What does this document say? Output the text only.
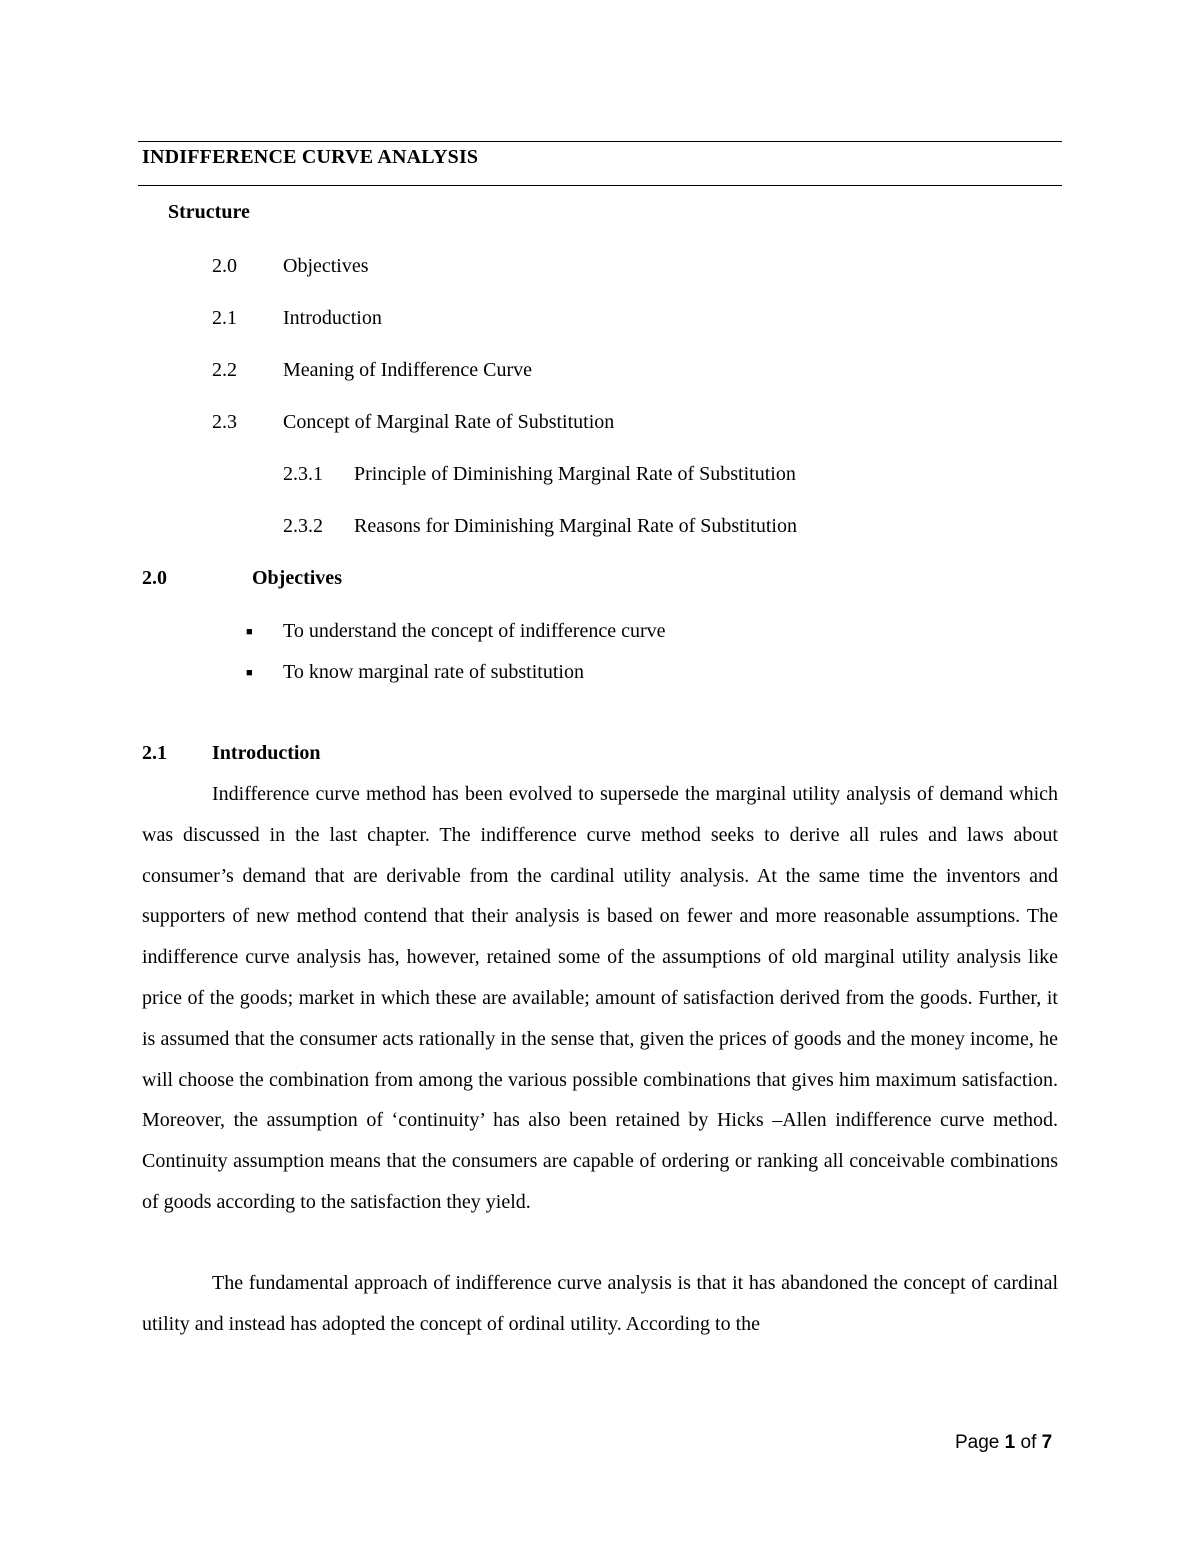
INDIFFERENCE CURVE ANALYSIS
Structure
2.0 Objectives
2.1 Introduction
2.2 Meaning of Indifference Curve
2.3 Concept of Marginal Rate of Substitution
2.3.1 Principle of Diminishing Marginal Rate of Substitution
2.3.2 Reasons for Diminishing Marginal Rate of Substitution
2.0	Objectives
■ To understand the concept of indifference curve
■ To know marginal rate of substitution
2.1 Introduction

Indifference curve method has been evolved to supersede the marginal utility analysis of demand which was discussed in the last chapter. The indifference curve method seeks to derive all rules and laws about consumer’s demand that are derivable from the cardinal utility analysis. At the same time the inventors and supporters of new method contend that their analysis is based on fewer and more reasonable assumptions. The indifference curve analysis has, however, retained some of the assumptions of old marginal utility analysis like price of the goods; market in which these are available; amount of satisfaction derived from the goods. Further, it is assumed that the consumer acts rationally in the sense that, given the prices of goods and the money income, he will choose the combination from among the various possible combinations that gives him maximum satisfaction. Moreover, the assumption of ‘continuity’ has also been retained by Hicks –Allen indifference curve method. Continuity assumption means that the consumers are capable of ordering or ranking all conceivable combinations of goods according to the satisfaction they yield.

The fundamental approach of indifference curve analysis is that it has abandoned the concept of cardinal utility and instead has adopted the concept of ordinal utility. According to the

Page 1 of 7
